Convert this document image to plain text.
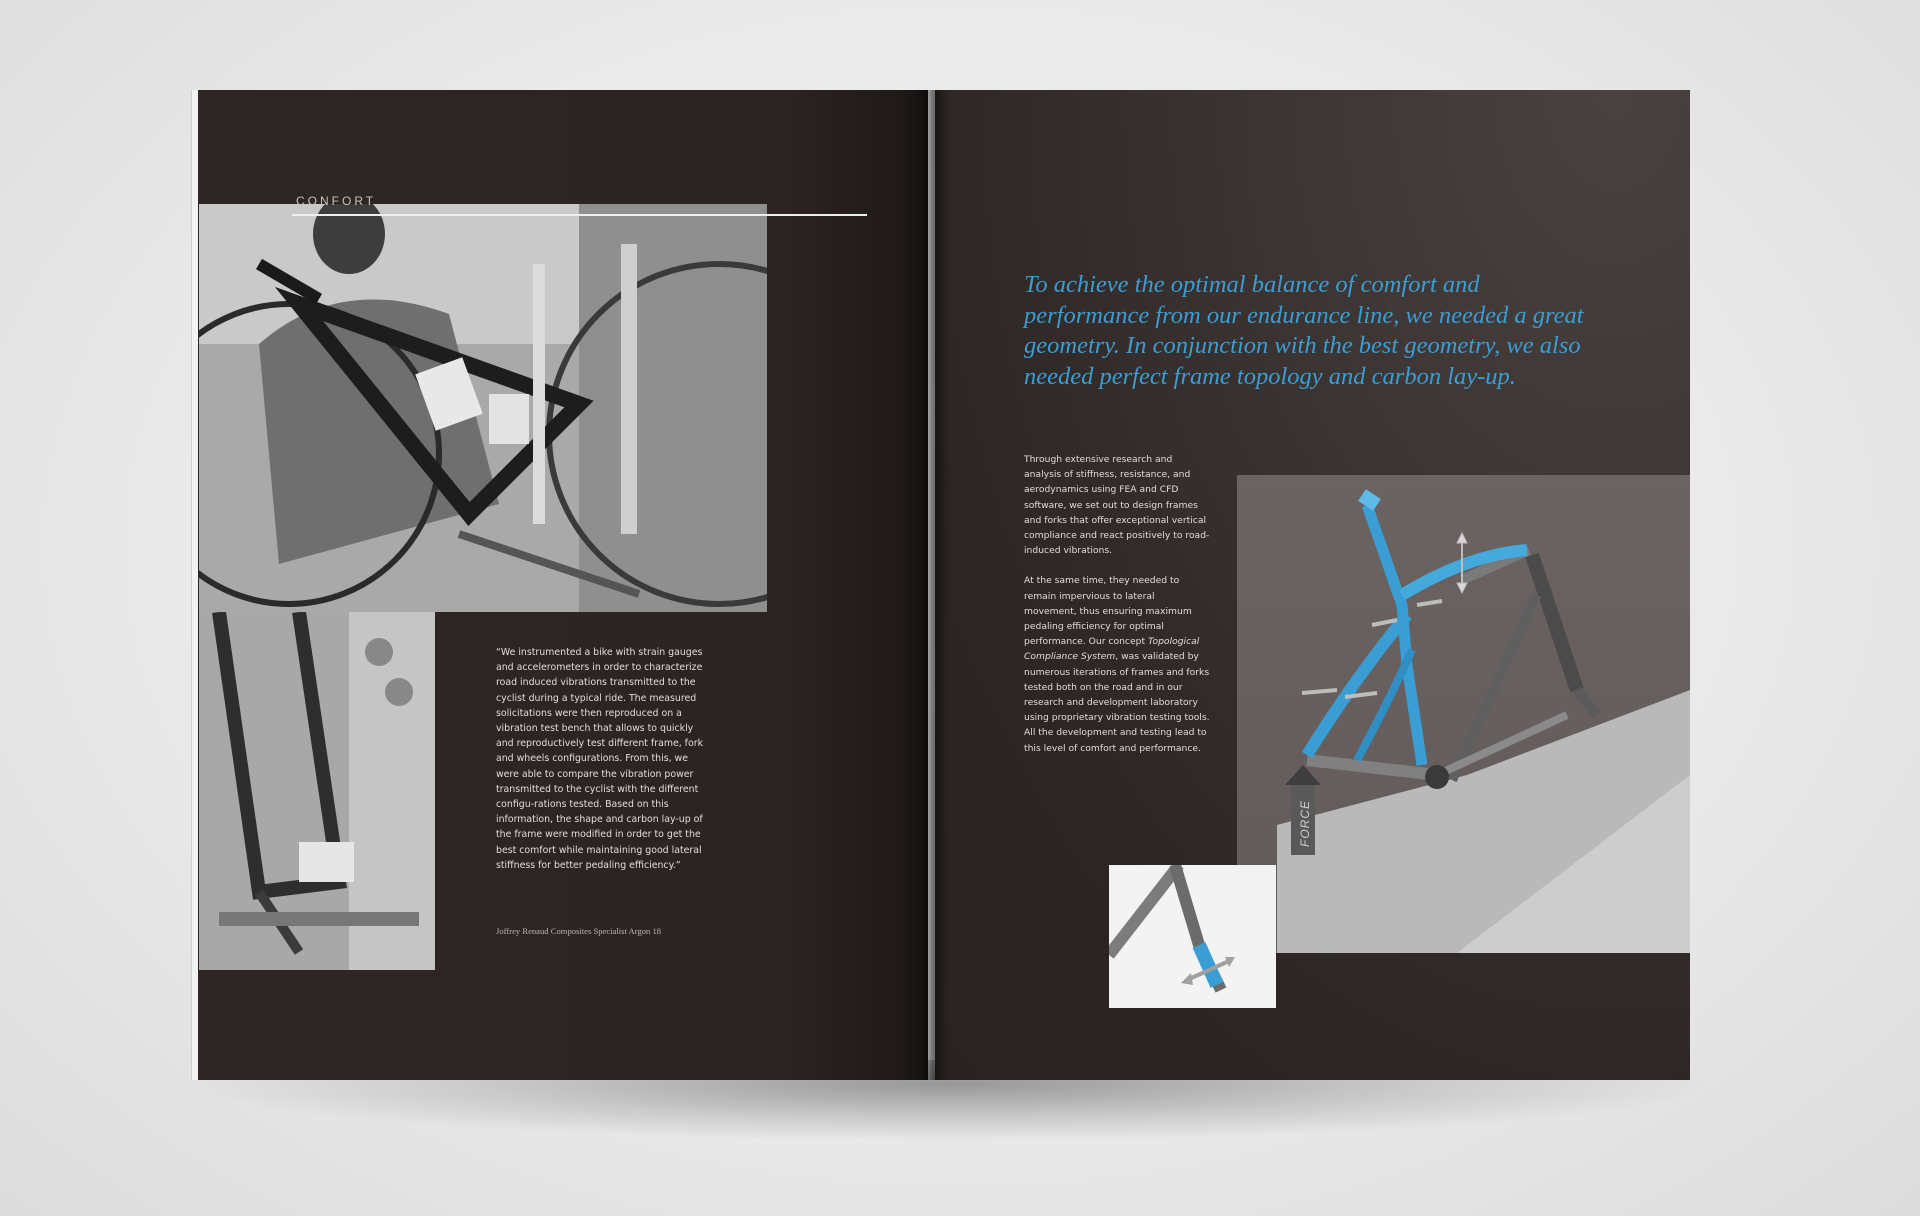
CONFORT
“We instrumented a bike with strain gauges and accelerometers in order to characterize road induced vibrations transmitted to the cyclist during a typical ride. The measured solicitations were then reproduced on a vibration test bench that allows to quickly and reproductively test different frame, fork and wheels configurations. From this, we were able to compare the vibration power transmitted to the cyclist with the different configu-rations tested. Based on this information, the shape and carbon lay-up of the frame were modified in order to get the best comfort while maintaining good lateral stiffness for better pedaling efficiency.”
Joffrey Renaud Composites Specialist Argon 18
To achieve the optimal balance of comfort and performance from our endurance line, we needed a great geometry. In conjunction with the best geometry, we also needed perfect frame topology and carbon lay-up.

Through extensive research and analysis of stiffness, resistance, and aerodynamics using FEA and CFD software, we set out to design frames and forks that offer exceptional vertical compliance and react positively to road-induced vibrations.

At the same time, they needed to remain impervious to lateral movement, thus ensuring maximum pedaling efficiency for optimal performance. Our concept Topological Compliance System, was validated by numerous iterations of frames and forks tested both on the road and in our research and development laboratory using proprietary vibration testing tools. All the development and testing lead to this level of comfort and performance.

FORCE
